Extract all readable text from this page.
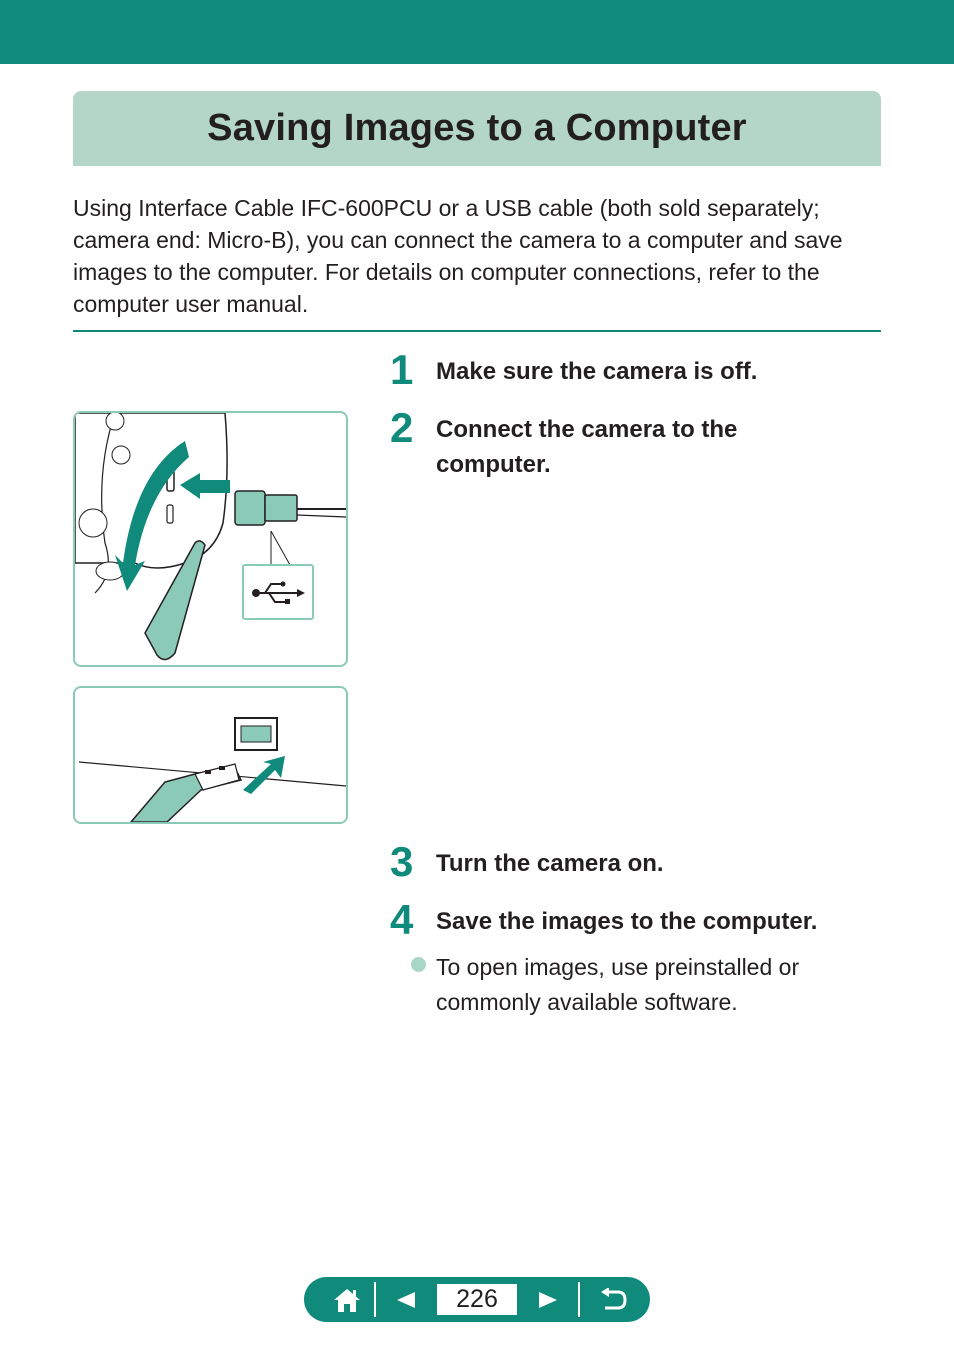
Saving Images to a Computer

Using Interface Cable IFC-600PCU or a USB cable (both sold separately; camera end: Micro-B), you can connect the camera to a computer and save images to the computer. For details on computer connections, refer to the computer user manual.

1 Make sure the camera is off.
2 Connect the camera to the computer.
3 Turn the camera on.
4 Save the images to the computer.
To open images, use preinstalled or commonly available software.
226
